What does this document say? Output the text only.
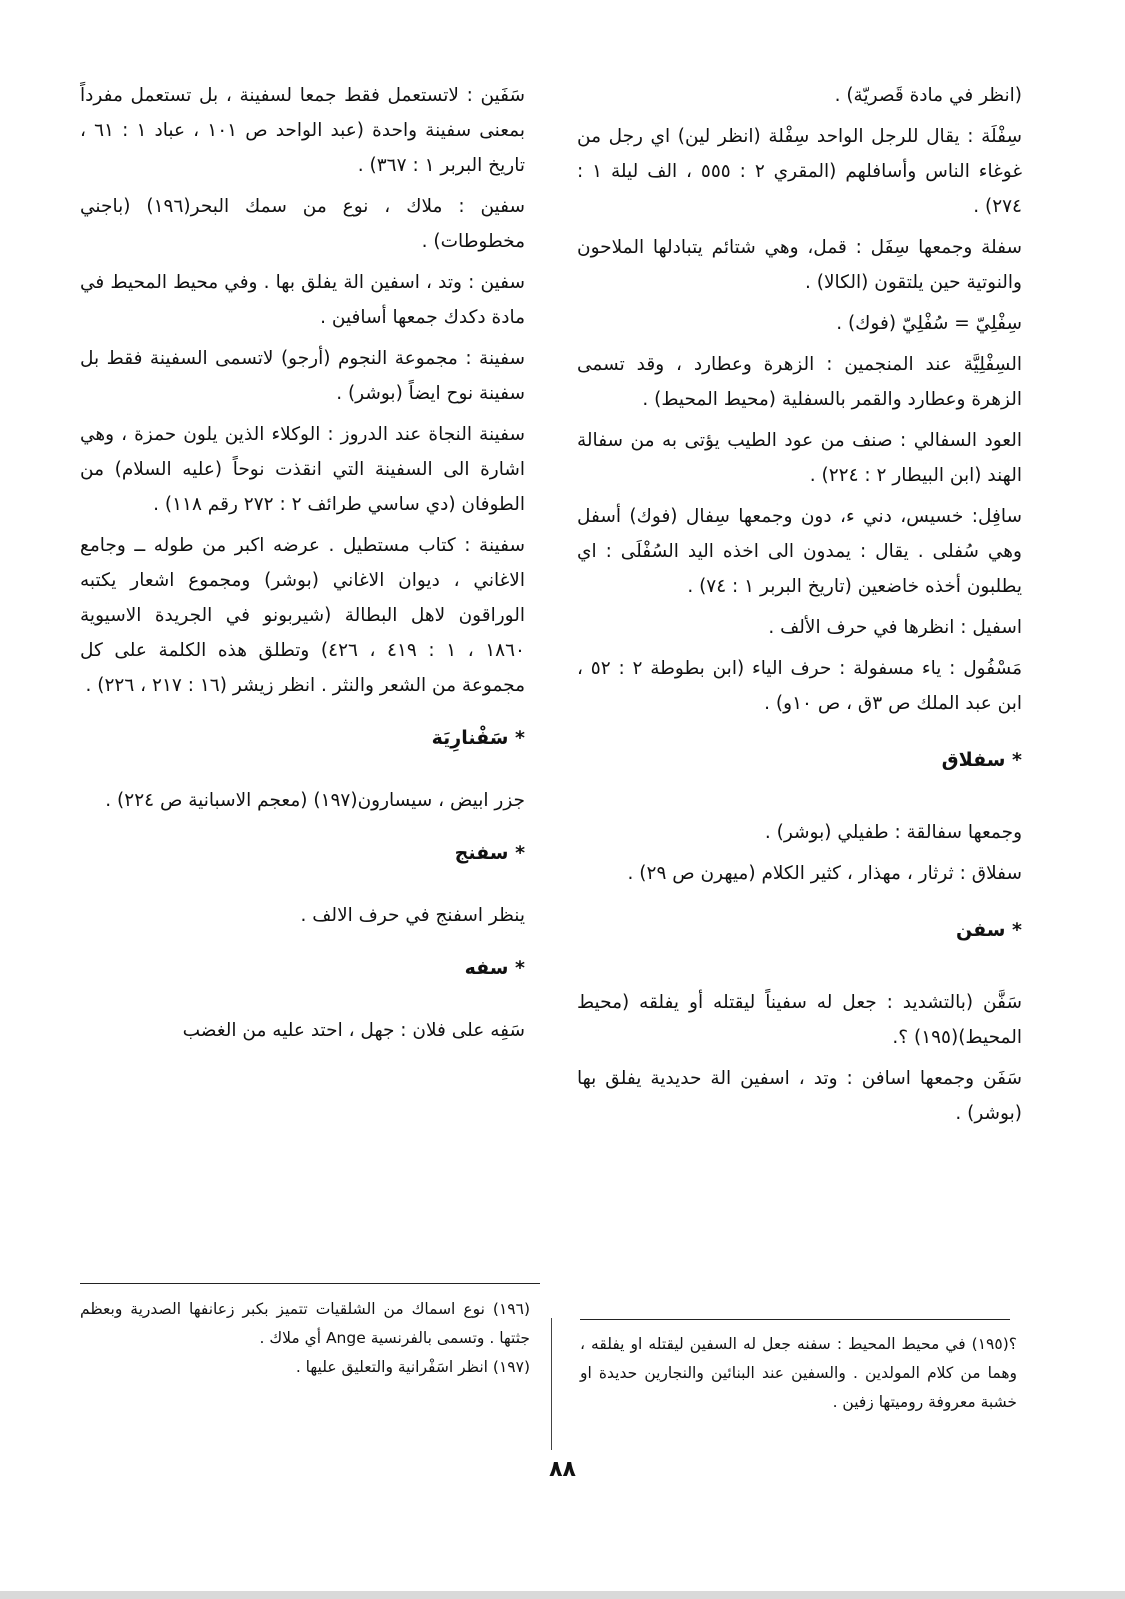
(انظر في مادة قَصريّة) .

سِفْلَة : يقال للرجل الواحد سِفْلة (انظر لين) اي رجل من غوغاء الناس وأسافلهم (المقري ٢ : ٥٥٥ ، الف ليلة ١ : ٢٧٤) .

سفلة وجمعها سِفَل : قمل، وهي شتائم يتبادلها الملاحون والنوتية حين يلتقون (الكالا) .

سِفْلِيّ = سُفْلِيّ (فوك) .

السِفْلِيَّة عند المنجمين : الزهرة وعطارد ، وقد تسمى الزهرة وعطارد والقمر بالسفلية (محيط المحيط) .

العود السفالي : صنف من عود الطيب يؤتى به من سفالة الهند (ابن البيطار ٢ : ٢٢٤) .

سافِل: خسيس، دني ء، دون وجمعها سِفال (فوك) أسفل وهي سُفلى . يقال : يمدون الى اخذه اليد السُفْلَى : اي يطلبون أخذه خاضعين (تاريخ البربر ١ : ٧٤) .

اسفيل : انظرها في حرف الألف .

مَسْفُول : ياء مسفولة : حرف الياء (ابن بطوطة ٢ : ٥٢ ، ابن عبد الملك ص ٣ق ، ص ١٠و) .

* سفلاق

وجمعها سفالقة : طفيلي (بوشر) .

سفلاق : ثرثار ، مهذار ، كثير الكلام (ميهرن ص ٢٩) .

* سفن

سَفَّن (بالتشديد : جعل له سفيناً ليقتله أو يفلقه (محيط المحيط)(١٩٥) ؟.

سَفَن وجمعها اسافن : وتد ، اسفين الة حديدية يفلق بها (بوشر) .

سَفَين : لاتستعمل فقط جمعا لسفينة ، بل تستعمل مفرداً بمعنى سفينة واحدة (عبد الواحد ص ١٠١ ، عباد ١ : ٦١ ، تاريخ البربر ١ : ٣٦٧) .

سفين : ملاك ، نوع من سمك البحر(١٩٦) (باجني مخطوطات) .

سفين : وتد ، اسفين الة يفلق بها . وفي محيط المحيط في مادة دكدك جمعها أسافين .

سفينة : مجموعة النجوم (أرجو) لاتسمى السفينة فقط بل سفينة نوح ايضاً (بوشر) .

سفينة النجاة عند الدروز : الوكلاء الذين يلون حمزة ، وهي اشارة الى السفينة التي انقذت نوحاً (عليه السلام) من الطوفان (دي ساسي طرائف ٢ : ٢٧٢ رقم ١١٨) .

سفينة : كتاب مستطيل . عرضه اكبر من طوله ــ وجامع الاغاني ، ديوان الاغاني (بوشر) ومجموع اشعار يكتبه الوراقون لاهل البطالة (شيربونو في الجريدة الاسيوية ١٨٦٠ ، ١ : ٤١٩ ، ٤٢٦) وتطلق هذه الكلمة على كل مجموعة من الشعر والنثر . انظر زيشر (١٦ : ٢١٧ ، ٢٢٦) .

* سَفْنارِيَة

جزر ابيض ، سيسارون(١٩٧) (معجم الاسبانية ص ٢٢٤) .

* سفنج

ينظر اسفنج في حرف الالف .

* سفه

سَفِه على فلان : جهل ، احتد عليه من الغضب

؟(١٩٥) في محيط المحيط : سفنه جعل له السفين ليقتله او يفلقه ، وهما من كلام المولدين . والسفين عند البنائين والنجارين حديدة او خشبة معروفة روميتها زفين .
(١٩٦) نوع اسماك من الشلقيات تتميز بكبر زعانفها الصدرية وبعظم جثتها . وتسمى بالفرنسية Ange أي ملاك .
(١٩٧) انظر اسَفْرانية والتعليق عليها .
٨٨
